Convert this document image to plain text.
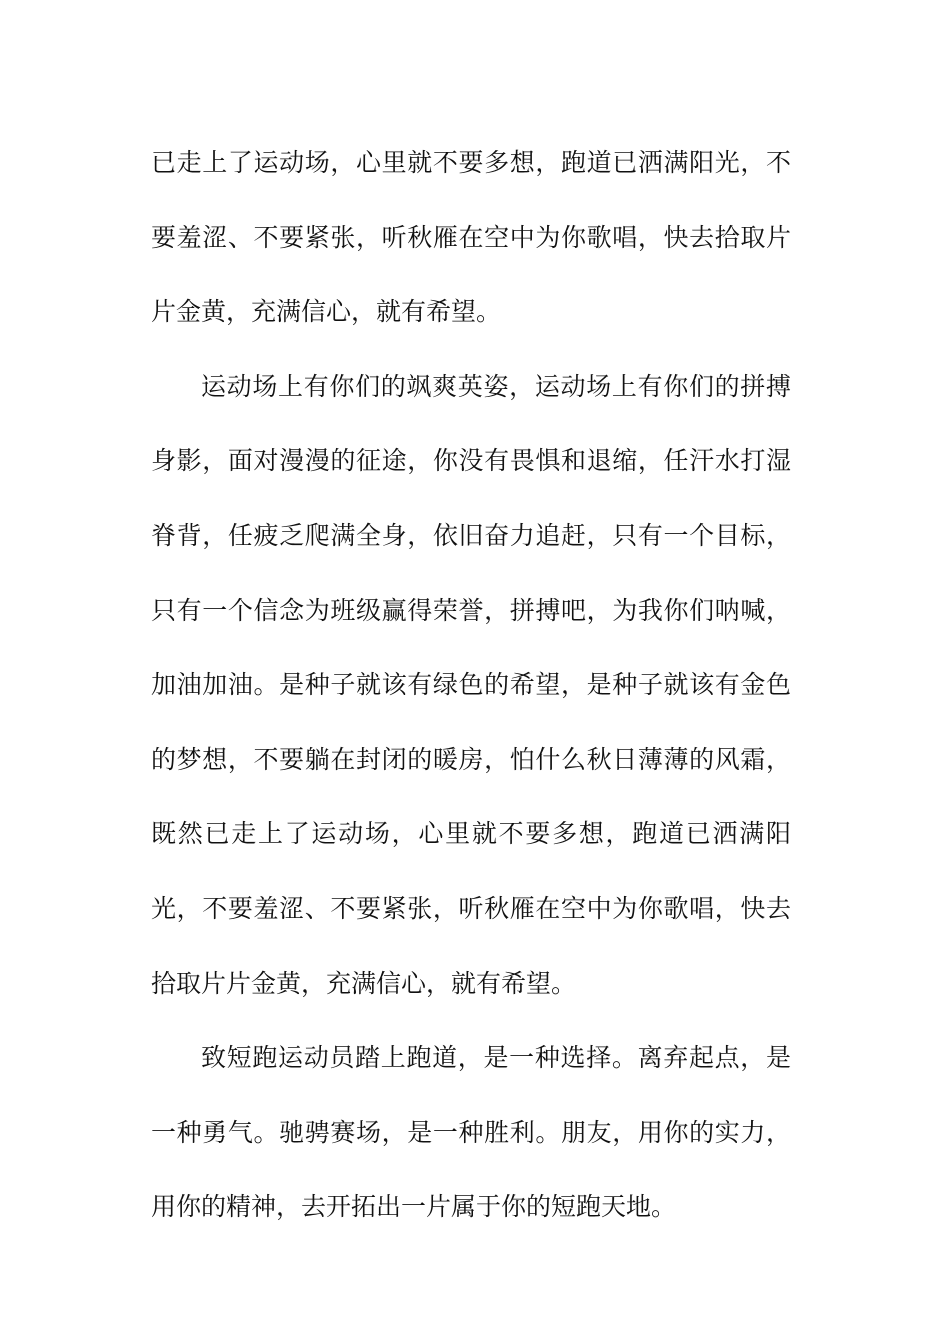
已走上了运动场，心里就不要多想，跑道已洒满阳光，不要羞涩、不要紧张，听秋雁在空中为你歌唱，快去拾取片片金黄，充满信心，就有希望。

运动场上有你们的飒爽英姿，运动场上有你们的拼搏身影，面对漫漫的征途，你没有畏惧和退缩，任汗水打湿脊背，任疲乏爬满全身，依旧奋力追赶，只有一个目标，只有一个信念为班级赢得荣誉，拼搏吧，为我你们呐喊，加油加油。是种子就该有绿色的希望，是种子就该有金色的梦想，不要躺在封闭的暖房，怕什么秋日薄薄的风霜，既然已走上了运动场，心里就不要多想，跑道已洒满阳光，不要羞涩、不要紧张，听秋雁在空中为你歌唱，快去拾取片片金黄，充满信心，就有希望。

致短跑运动员踏上跑道，是一种选择。离弃起点，是一种勇气。驰骋赛场，是一种胜利。朋友，用你的实力，用你的精神，去开拓出一片属于你的短跑天地。
